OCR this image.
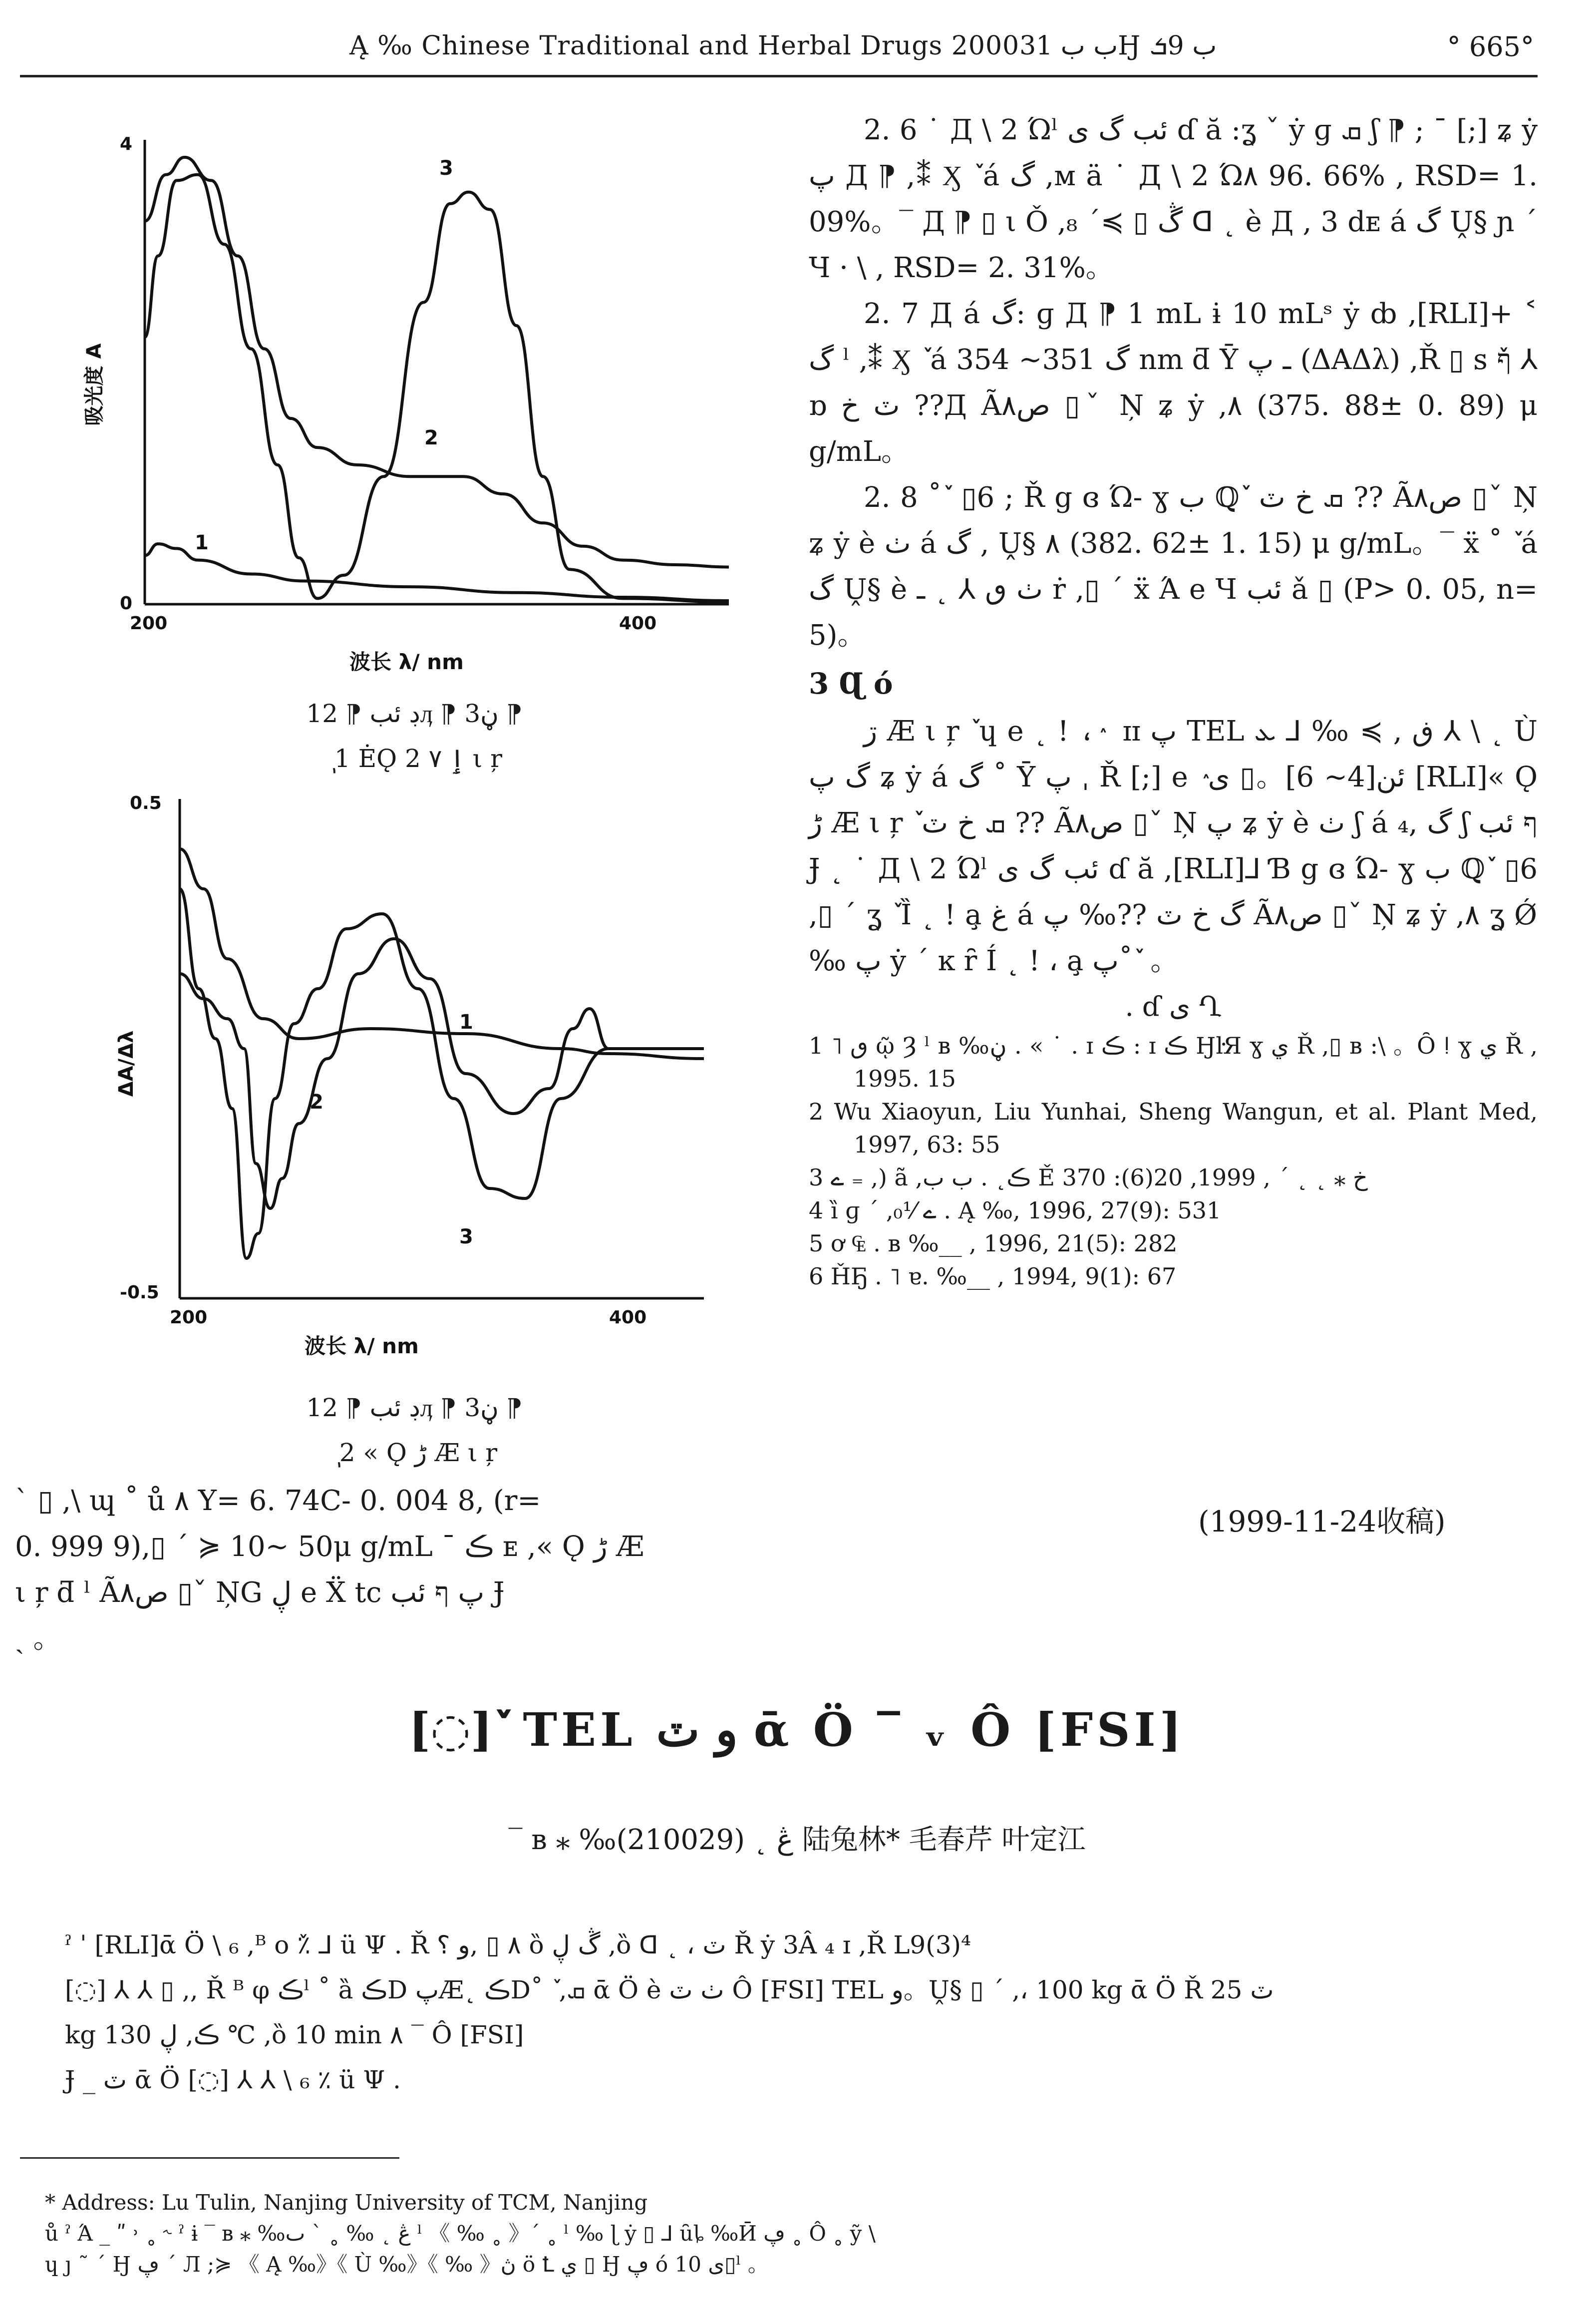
Ą ‰ Chinese Traditional and Herbal Drugs 2000ب ب 31Ӈ ب 9ܭ	° 665°
4
0
200	400
吸光度 A
波长 λ/ nm
1
2
3
1ڊ ئب ⁋ 2ӆ ⁋ 3ڼ ⁋
ٖ 1 ĖǪ ٳ ٧ 2 ι ŗ
0.5
-0.5
200	400
ΔA/Δλ
波长 λ/ nm
1
2
3
1ڊ ئب ⁋ 2ӆ ⁋ 3ڼ ⁋
ٖ 2 « Ǫ ڑ Æ ι ŗ

ˋ ▯ ,\ պ ˚ ů ٨ Y= 6. 74C- 0. 004 8, (r=

0. 999 9),▯ ˊ ≽ 10~ 50μ g/mL ˉ ڪ ᴇ ,« Ǫ ڑ Æ

ι ŗ ƌ ˡ Ãص٨ ▯ˇ ŅG ڸ e Ẍ tc پ ף ئب Ɉ

ˏ 。

2. 6 ˙ Д \ 2 Ώˡ ئب گ ی ɗ ă :ʓ ˇ ẏ ɡ ܩ ʃ ⁋ ; ˉ [;] ʑ ẏ پ Д ⁋ ,⁑ Ӽ ٚ á گ ,м ä ˙ Д \ 2 Ώ٨ 96. 66% , RSD= 1. 09%。‾ Д ⁋ ▯ ι Ǒ ,ڴ ▯ ≽ˊ ₈ ᗡ ˛ è Д , 3 dᴇ á گ Ṷ§ ɲ ˊ Ч · \ , RSD= 2. 31%。

2. 7 Д á گ: ɡ Д ⁋ 1 mL ɨ 10 mLˢ ẏ ȸ ,[RLI]+ ˂ گ ˡ ,⁑ Ӽ ٚ á گ 351~ 354 nm ƌ Ȳ ـ پ (ΔAΔλ) ,Ř ▯ ꜱ ףٚ ⅄ ɒ ٽ ﺥ ??Д Ãص٨ ▯ˇ Ņ ʑ ẏ ,٨ (375. 88± 0. 89) μ g/mL。

2. 8 ˚ ٚ ▯6 ; Ř g ɞ Ώ- ɣ ب ℚ ٚ ܩ ﺥ ٽ ?? Ãص٨ ▯ˇ Ņ ʑ ẏ è ٺ á گ , Ṷ§ ٨ (382. 62± 1. 15) μ g/mL。‾ ẍ ˚ ٚ á گ Ṷ§ è ٺ ٯ ⅄ ˛ ـ ṙ ,▯ ˊ ẍ Ά e Ч ئب ǎ ▯ (P> 0. 05, n= 5)。

3 Ɋ ó

ڗ Æ ι ŗ ٚ ɥ e ˛ ! ، ٛ ɪɪ پ TEL ڧ , ≽ ‰ ⅃ ܥ ⅄ \ ˛ Ù گ پ ʑ ẏ á گ ˚ Ȳ پ ˌ Ř [;] e ٛ ئن[4~ 6]。▯ ی [RLI]« Ǫ ڑ Æ ι ŗ ٚ ܩ ﺥ ٽ ?? Ãص٨ ▯ˇ Ņ پ ʑ ẏ è ٺ ʃ á گ ,₄ ʃ ף ئب Ɉ ˛ ˙ Д \ 2 Ώˡ ئب گ ی ɗ ă ,[RLI]⅃ Ɓ g ɞ Ώ- ɣ ب ℚ ٚ ▯6 ,▯ ˊ ʓ ٚ Ȉ ˛ ! a̧ ﻍ á گ ﺥ ٽ ??‰ پ Ãص٨ ▯ˇ Ņ ʑ ẏ ,٨ ʓ Ǿ ‰ پ ẏ ˊ ĸ ȓ Í ˛ ! ، a̧ پ˚ ٚ 。

. ɗ ی Ղ

1 ˥ ٯ ῷ Ȝ ˡ ʙ ‰ڼ . « ˙ . ɪ ڪ : ɪ ڪ ӇŀЯ ɣ ي Ř ,▯ ʙ :\ 。Ȏ ǃ ɣ ي Ř , 1995. 15

2 Wu Xiaoyun, Liu Yunhai, Sheng Wangun, et al. Plant Med, 1997, 63: 55

3 ے ₌ ,) ã ,ڪ˛ . ب ب Ě ﺥ ⁎ ˛ ˛ ˊ , 1999, 20(6): 370

4 ȉ ɡ ˊ ,ے ⅟₀ . Ą ‰, 1996, 27(9): 531

5 ơ ₠ . ʙ ‰__ , 1996, 21(5): 282

6 ȞҔ . ˥ ɐ. ‰__ , 1994, 9(1): 67

(1999-11-24收稿)
[◌] ٚ TEL و ٽ ᾱ Ö ‾ ᵥ Ô [FSI]
‾ ʙ ⁎ ‰ڠ ˛ (210029) 陆兔林* 毛春芹 叶定江
ˀ ˈ [RLI]ᾱ Ö \ ₆ ,ᴮ ο ٪ٚ ⅃ ü Ψ . Ř ٨ ▯ ,و ؟ ȍ ڴ ڸ ,ȍ ᗡ ˛ ، ٽ Ř ẏ 3Â ₄ ɪ ,Ř L9(3)⁴
[◌] ⅄ ⅄ ▯ ,, Ř ᴮ φ ڪˡ ˚ ȁ ڪD پÆ˛ ڪD˚ ٚ ,ܩ ᾱ Ö è ٺ ٽ Ô [FSI] TEL و。Ṷ§ ▯ ˊ ,، 100 kg ᾱ Ö Ř ٽ 25
kg ڪ, ڸ 130 ℃ ,ȍ 10 min ٨ ‾ Ô [FSI]
Ɉ _ ٽ ᾱ Ö [◌] ⅄ ⅄ \ ₆ ٪ ü Ψ .
* Address: Lu Tulin, Nanjing University of TCM, Nanjing
ů ˀ Ά _ ʺ ˒ ˳ ˞ ˀ ɨ ‾ ʙ ⁎ ‰ڠ ˛ ‰ ˳ ˋ ٮ ˡ 《 ‰ ˳ 》ˊ ˳ ˡ ‰ ɭ ẏ ▯ ⅃ ȗȴ ‰Ӣ ڥ ˳ Ô ˳ ỹ \
ɥ ȷ ˜ ˊ Ӈ ڥ ˊ Л ;≽ 《 Ą ‰》《 Ù ‰》《 ‰ 》ڽ ö Ꝉ ي ▯ Ӈ ڥ ó ی 10▯ˡ 。
